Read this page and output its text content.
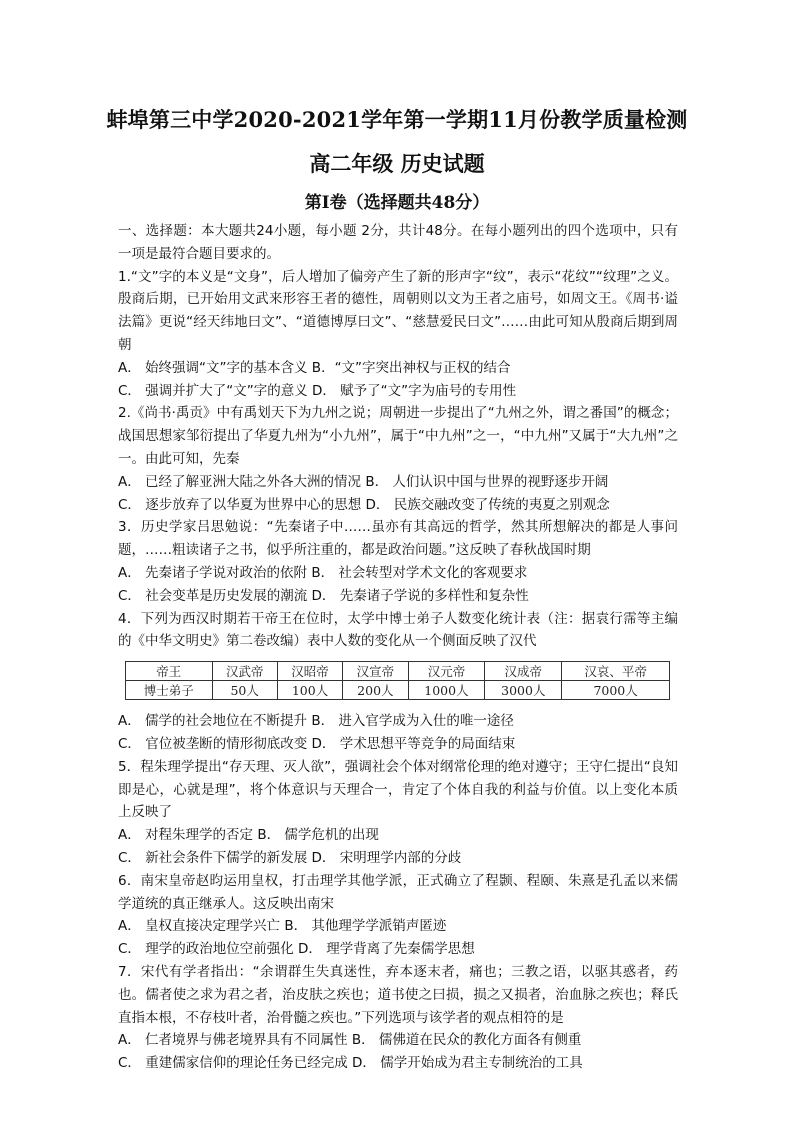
蚌埠第三中学2020-2021学年第一学期11月份教学质量检测
高二年级 历史试题
第Ⅰ卷（选择题共48分）

一、选择题：本大题共24小题，每小题 2分，共计48分。在每小题列出的四个选项中，只有一项是最符合题目要求的。

1.“文”字的本义是“文身”，后人增加了偏旁产生了新的形声字“纹”，表示“花纹”“纹理”之义。殷商后期，已开始用文武来形容王者的德性，周朝则以文为王者之庙号，如周文王。《周书·谥法篇》更说“经天纬地曰文”、“道德博厚曰文”、“慈慧爱民曰文”……由此可知从殷商后期到周朝

A． 始终强调“文”字的基本含义 B．“文”字突出神权与正权的结合

C． 强调并扩大了“文”字的意义 D． 赋予了“文”字为庙号的专用性

2.《尚书·禹贡》中有禹划天下为九州之说；周朝进一步提出了“九州之外，谓之番国”的概念；战国思想家邹衍提出了华夏九州为“小九州”，属于“中九州”之一，“中九州”又属于“大九州”之一。由此可知，先秦

A． 已经了解亚洲大陆之外各大洲的情况 B． 人们认识中国与世界的视野逐步开阔

C． 逐步放弃了以华夏为世界中心的思想 D． 民族交融改变了传统的夷夏之别观念

3．历史学家吕思勉说：“先秦诸子中……虽亦有其高远的哲学，然其所想解决的都是人事问题，……粗读诸子之书，似乎所注重的，都是政治问题。”这反映了春秋战国时期

A． 先秦诸子学说对政治的依附 B． 社会转型对学术文化的客观要求

C． 社会变革是历史发展的潮流 D． 先秦诸子学说的多样性和复杂性

4．下列为西汉时期若干帝王在位时，太学中博士弟子人数变化统计表（注：据袁行霈等主编的《中华文明史》第二卷改编）表中人数的变化从一个侧面反映了汉代

帝王	汉武帝	汉昭帝	汉宣帝	汉元帝	汉成帝	汉哀、平帝
博士弟子	50人	100人	200人	1000人	3000人	7000人

A． 儒学的社会地位在不断提升 B． 进入官学成为入仕的唯一途径

C． 官位被垄断的情形彻底改变 D． 学术思想平等竞争的局面结束

5．程朱理学提出“存天理、灭人欲”，强调社会个体对纲常伦理的绝对遵守；王守仁提出“良知即是心，心就是理”，将个体意识与天理合一，肯定了个体自我的利益与价值。以上变化本质上反映了

A． 对程朱理学的否定 B． 儒学危机的出现

C． 新社会条件下儒学的新发展 D． 宋明理学内部的分歧

6．南宋皇帝赵昀运用皇权，打击理学其他学派，正式确立了程颢、程颐、朱熹是孔孟以来儒学道统的真正继承人。这反映出南宋

A． 皇权直接决定理学兴亡 B． 其他理学学派销声匿迹

C． 理学的政治地位空前强化 D． 理学背离了先秦儒学思想

7．宋代有学者指出：“余谓群生失真迷性，弃本逐末者，痛也；三教之语，以驱其惑者，药也。儒者使之求为君之者，治皮肤之疾也；道书使之曰损，损之又损者，治血脉之疾也；释氏直指本根，不存枝叶者，治骨髓之疾也。”下列选项与该学者的观点相符的是

A． 仁者境界与佛老境界具有不同属性 B． 儒佛道在民众的教化方面各有侧重

C． 重建儒家信仰的理论任务已经完成 D． 儒学开始成为君主专制统治的工具
